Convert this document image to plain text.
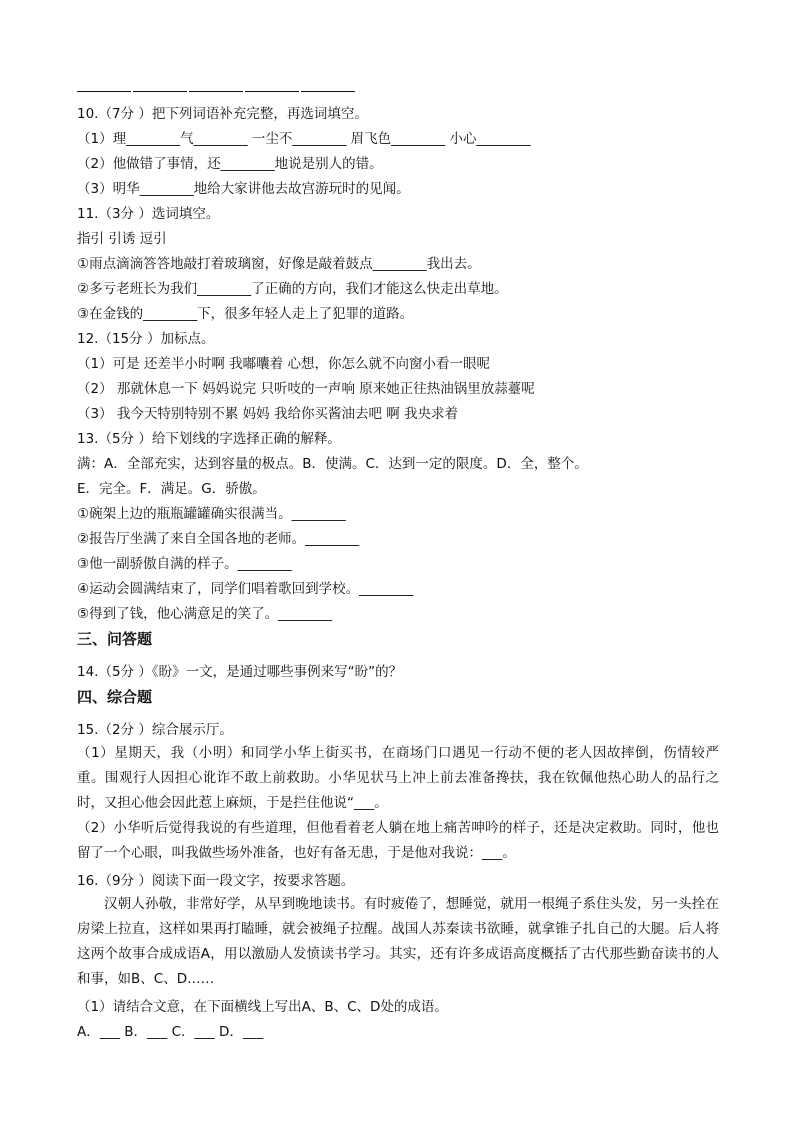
10.（7分 ）把下列词语补充完整，再选词填空。
（1）理________气________ 一尘不________ 眉飞色________ 小心________
（2）他做错了事情，还________地说是别人的错。
（3）明华________地给大家讲他去故宫游玩时的见闻。
11.（3分 ）选词填空。
指引 引诱 逗引
①雨点滴滴答答地敲打着玻璃窗，好像是敲着鼓点________我出去。
②多亏老班长为我们________了正确的方向，我们才能这么快走出草地。
③在金钱的________下，很多年轻人走上了犯罪的道路。
12.（15分 ）加标点。
（1）可是 还差半小时啊 我嘟囔着 心想，你怎么就不向窗小看一眼呢
（2） 那就休息一下 妈妈说完 只听吱的一声响 原来她正往热油锅里放蒜薹呢
（3） 我今天特别特别不累 妈妈 我给你买酱油去吧 啊 我央求着
13.（5分 ）给下划线的字选择正确的解释。
满：A．全部充实，达到容量的极点。B．使满。C．达到一定的限度。D．全，整个。
E．完全。F．满足。G．骄傲。
①碗架上边的瓶瓶罐罐确实很满当。________
②报告厅坐满了来自全国各地的老师。________
③他一副骄傲自满的样子。________
④运动会圆满结束了，同学们唱着歌回到学校。________
⑤得到了钱，他心满意足的笑了。________
三、问答题
14.（5分 ）《盼》一文，是通过哪些事例来写“盼”的？
四、综合题
15.（2分 ）综合展示厅。
（1）星期天，我（小明）和同学小华上街买书，在商场门口遇见一行动不便的老人因故摔倒，伤情较严重。围观行人因担心讹诈不敢上前救助。小华见状马上冲上前去准备搀扶，我在钦佩他热心助人的品行之时，又担心他会因此惹上麻烦，于是拦住他说“___。
（2）小华听后觉得我说的有些道理，但他看着老人躺在地上痛苦呻吟的样子，还是决定救助。同时，他也留了一个心眼，叫我做些场外准备，也好有备无患，于是他对我说：___。
16.（9分 ）阅读下面一段文字，按要求答题。
汉朝人孙敬，非常好学，从早到晚地读书。有时疲倦了，想睡觉，就用一根绳子系住头发，另一头拴在房梁上拉直，这样如果再打瞌睡，就会被绳子拉醒。战国人苏秦读书欲睡，就拿锥子扎自己的大腿。后人将这两个故事合成成语A，用以激励人发愤读书学习。其实，还有许多成语高度概括了古代那些勤奋读书的人和事，如B、C、D……
（1）请结合文意，在下面横线上写出A、B、C、D处的成语。
A．___ B．___ C．___ D．___
